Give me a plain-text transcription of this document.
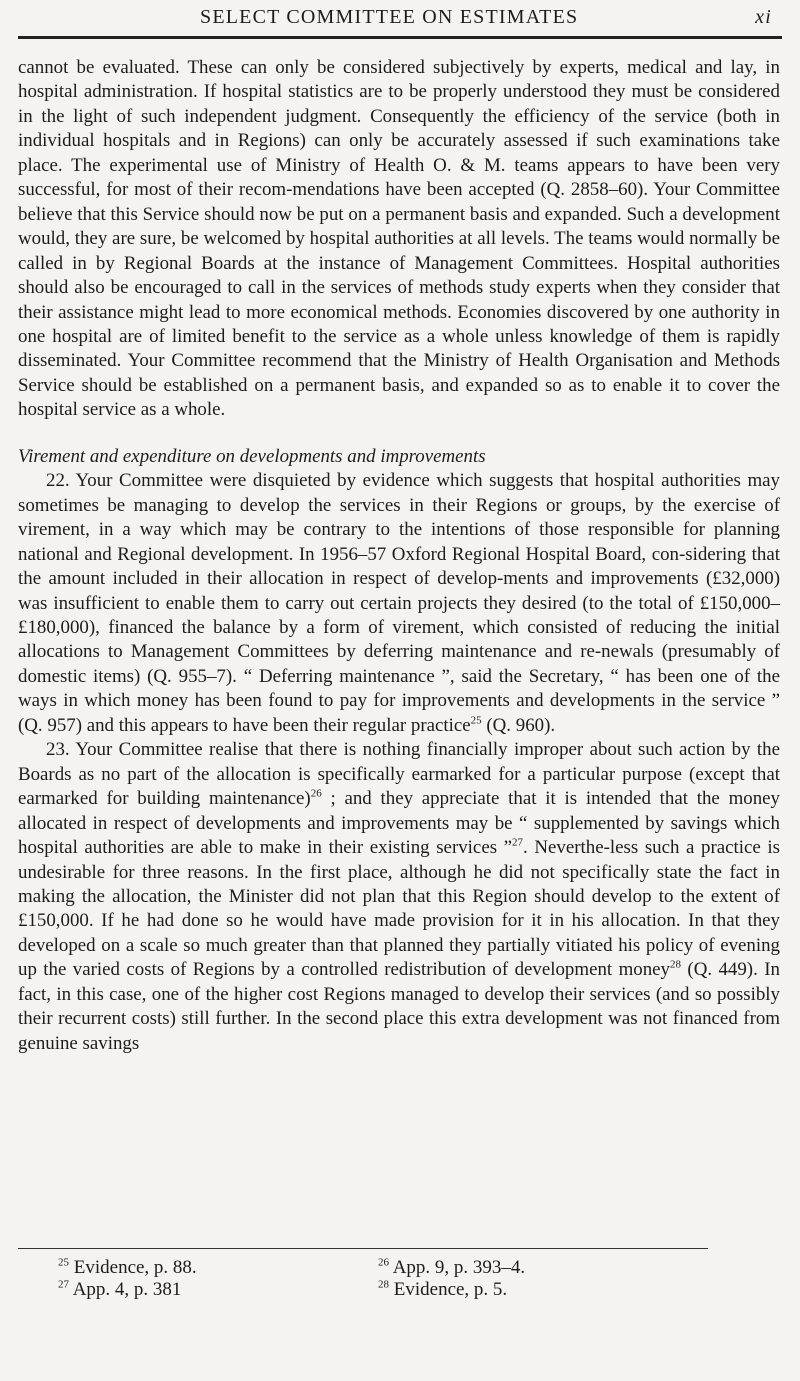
SELECT COMMITTEE ON ESTIMATES	xi

cannot be evaluated. These can only be considered subjectively by experts, medical and lay, in hospital administration. If hospital statistics are to be properly understood they must be considered in the light of such independent judgment. Consequently the efficiency of the service (both in individual hospitals and in Regions) can only be accurately assessed if such examinations take place. The experimental use of Ministry of Health O. & M. teams appears to have been very successful, for most of their recom-mendations have been accepted (Q. 2858–60). Your Committee believe that this Service should now be put on a permanent basis and expanded. Such a development would, they are sure, be welcomed by hospital authorities at all levels. The teams would normally be called in by Regional Boards at the instance of Management Committees. Hospital authorities should also be encouraged to call in the services of methods study experts when they consider that their assistance might lead to more economical methods. Economies discovered by one authority in one hospital are of limited benefit to the service as a whole unless knowledge of them is rapidly disseminated. Your Committee recommend that the Ministry of Health Organisation and Methods Service should be established on a permanent basis, and expanded so as to enable it to cover the hospital service as a whole.

Virement and expenditure on developments and improvements

22. Your Committee were disquieted by evidence which suggests that hospital authorities may sometimes be managing to develop the services in their Regions or groups, by the exercise of virement, in a way which may be contrary to the intentions of those responsible for planning national and Regional development. In 1956–57 Oxford Regional Hospital Board, con-sidering that the amount included in their allocation in respect of develop-ments and improvements (£32,000) was insufficient to enable them to carry out certain projects they desired (to the total of £150,000–£180,000), financed the balance by a form of virement, which consisted of reducing the initial allocations to Management Committees by deferring maintenance and re-newals (presumably of domestic items) (Q. 955–7). “ Deferring maintenance ”, said the Secretary, “ has been one of the ways in which money has been found to pay for improvements and developments in the service ” (Q. 957) and this appears to have been their regular practice$^{25}$ (Q. 960).

23. Your Committee realise that there is nothing financially improper about such action by the Boards as no part of the allocation is specifically earmarked for a particular purpose (except that earmarked for building maintenance)$^{26}$ ; and they appreciate that it is intended that the money allocated in respect of developments and improvements may be “ supplemented by savings which hospital authorities are able to make in their existing services ”$^{27}$. Neverthe-less such a practice is undesirable for three reasons. In the first place, although he did not specifically state the fact in making the allocation, the Minister did not plan that this Region should develop to the extent of £150,000. If he had done so he would have made provision for it in his allocation. In that they developed on a scale so much greater than that planned they partially vitiated his policy of evening up the varied costs of Regions by a controlled redistribution of development money$^{28}$ (Q. 449). In fact, in this case, one of the higher cost Regions managed to develop their services (and so possibly their recurrent costs) still further. In the second place this extra development was not financed from genuine savings

$^{25}$ Evidence, p. 88.	$^{26}$ App. 9, p. 393–4.
$^{27}$ App. 4, p. 381	$^{28}$ Evidence, p. 5.
